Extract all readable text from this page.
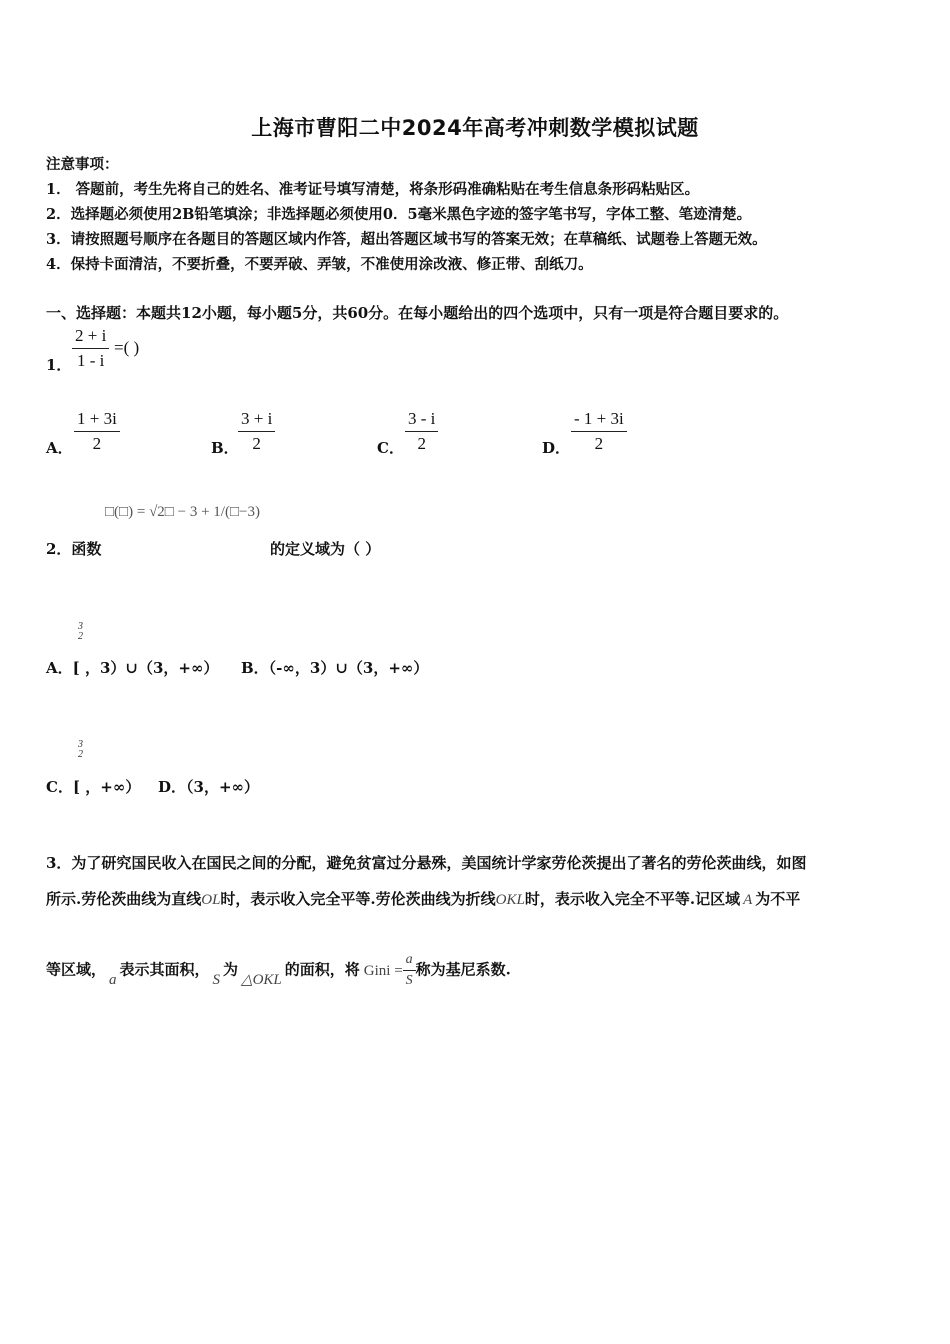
上海市曹阳二中2024年高考冲刺数学模拟试题
注意事项：
1． 答题前，考生先将自己的姓名、准考证号填写清楚，将条形码准确粘贴在考生信息条形码粘贴区。
2．选择题必须使用2B铅笔填涂；非选择题必须使用0．5毫米黑色字迹的签字笔书写，字体工整、笔迹清楚。
3．请按照题号顺序在各题目的答题区域内作答，超出答题区域书写的答案无效；在草稿纸、试题卷上答题无效。
4．保持卡面清洁，不要折叠，不要弄破、弄皱，不准使用涂改液、修正带、刮纸刀。
一、选择题：本题共12小题，每小题5分，共60分。在每小题给出的四个选项中，只有一项是符合题目要求的。
1． $\frac{2 + i}{1 - i}$ =( )
A． $\frac{1 + 3i}{2}$	B． $\frac{3 + i}{2}$	C． $\frac{3 - i}{2}$	D． $\frac{- 1 + 3i}{2}$
□(□) = √2□ − 3 + 1/(□−3)
2．函数	的定义域为（ ）
3
2
A．[ ，3）∪（3，+∞） B．（-∞，3）∪（3，+∞）
3
2
C．[ ，+∞） D．（3，+∞）
3．为了研究国民收入在国民之间的分配，避免贫富过分悬殊，美国统计学家劳伦茨提出了著名的劳伦茨曲线，如图
所示.劳伦茨曲线为直线OL时，表示收入完全平等.劳伦茨曲线为折线OKL时，表示收入完全不平等.记区域 A 为不平
等区域，a表示其面积，S为△OKL的面积，将 Gini = $\frac{a}{S}$ 称为基尼系数.
